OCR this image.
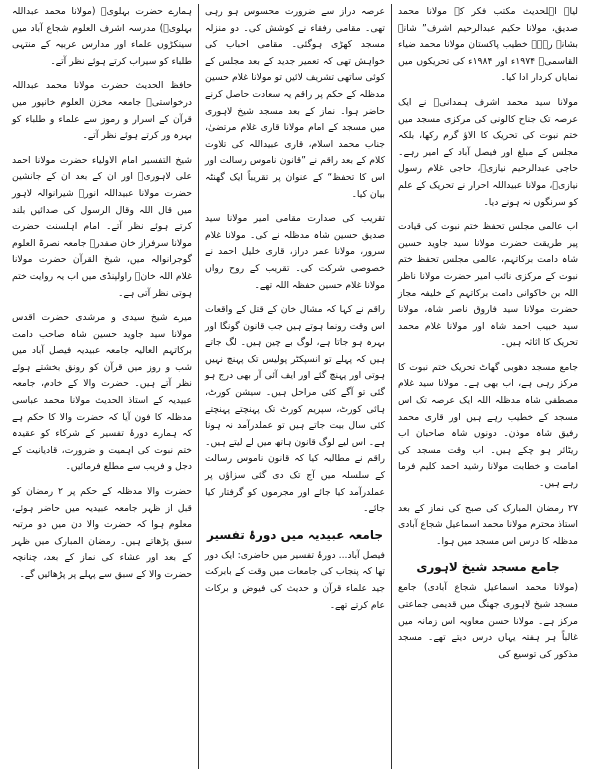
لیا۔ اہلحدیث مکتب فکر کے مولانا محمد صدیق، مولانا حکیم عبدالرحیم اشرف” شانہ بشانہ رہے۔ خطیب پاکستان مولانا محمد ضیاء القاسمیؒ ۱۹۷۴ء اور ۱۹۸۴ء کی تحریکوں میں نمایاں کردار ادا کیا۔

مولانا سید محمد اشرف ہمدانیؒ نے ایک عرصہ تک جناح کالونی کی مرکزی مسجد میں ختم نبوت کی تحریک کا الاؤ گرم رکھا، بلکہ مجلس کے مبلغ اور فیصل آباد کے امیر رہے۔ حاجی عبدالرحیم نیازیؒ، حاجی غلام رسول نیازیؒ، مولانا عبیداللہ احرار نے تحریک کے علم کو سرنگوں نہ ہونے دیا۔

اب عالمی مجلس تحفظ ختم نبوت کی قیادت پیر طریقت حضرت مولانا سید جاوید حسین شاہ دامت برکاتہم، عالمی مجلس تحفظ ختم نبوت کے مرکزی نائب امیر حضرت مولانا ناظر اللہ بن خاکوانی دامت برکاتہم کے خلیفہ مجاز حضرت مولانا سید فاروق ناصر شاہ، مولانا سید خبیب احمد شاہ اور مولانا غلام محمد تحریک کا اثاثہ ہیں۔

جامع مسجد دھوبی گھاٹ تحریک ختم نبوت کا مرکز رہی ہے، اب بھی ہے۔ مولانا سید غلام مصطفی شاہ مدظلہ اللہ ایک عرصہ تک اس مسجد کے خطیب رہے ہیں اور قاری محمد رفیق شاہ موذن۔ دونوں شاہ صاحبان اب ریٹائر ہو چکے ہیں۔ اب وقت مسجد کی امامت و خطابت مولانا رشید احمد کلیم فرما رہے ہیں۔

۲۷ رمضان المبارک کی صبح کی نماز کے بعد استاذ محترم مولانا محمد اسماعیل شجاع آبادی مدظلہ کا درس اس مسجد میں ہوا۔

جامع مسجد شیخ لاہوری

(مولانا محمد اسماعیل شجاع آبادی) جامع مسجد شیخ لاہوری جھنگ میں قدیمی جماعتی مرکز ہے۔ مولانا حسن معاویہ اس زمانہ میں غالباً ہر ہفتہ یہاں درس دیتے تھے۔ مسجد مذکور کی توسیع کی

عرصہ دراز سے ضرورت محسوس ہو رہی تھی۔ مقامی رفقاء نے کوشش کی۔ دو منزلہ مسجد کھڑی ہوگئی۔ مقامی احباب کی خواہش تھی کہ تعمیر جدید کے بعد مجلس کے کوئی ساتھی تشریف لائیں تو مولانا غلام حسین مدظلہ کے حکم پر راقم یہ سعادت حاصل کرنے حاضر ہوا۔ نماز کے بعد مسجد شیخ لاہوری میں مسجد کے امام مولانا قاری غلام مرتضیٰ، جناب محمد اسلام، قاری عبیداللہ کی تلاوت کلام کے بعد راقم نے ”قانون ناموس رسالت اور اس کا تحفظ“ کے عنوان پر تقریباً ایک گھنٹہ بیان کیا۔

تقریب کی صدارت مقامی امیر مولانا سید صدیق حسین شاہ مدظلہ نے کی۔ مولانا غلام سرور، مولانا عمر دراز، قاری خلیل احمد نے خصوصی شرکت کی۔ تقریب کے روح رواں مولانا غلام حسین حفظہ اللہ تھے۔

راقم نے کہا کہ مشال خان کے قتل کے واقعات اس وقت رونما ہوتے ہیں جب قانون گونگا اور بہرہ ہو جاتا ہے، لوگ بے چین ہیں۔ لگ جاتے ہیں کہ پہلے تو انسپکٹر پولیس تک پہنچ نہیں ہوتی اور پہنچ گئے اور ایف آئی آر بھی درج ہو گئی تو آگے کئی مراحل ہیں۔ سیشن کورٹ، ہائی کورٹ، سپریم کورٹ تک پہنچتے پہنچتے کئی سال بیت جاتے ہیں تو عملدرآمد نہ ہونا ہے۔ اس لیے لوگ قانون ہاتھ میں لے لیتے ہیں۔ راقم نے مطالبہ کیا کہ قانون ناموس رسالت کے سلسلہ میں آج تک دی گئی سزاؤں پر عملدرآمد کیا جائے اور مجرموں کو گرفتار کیا جائے۔

جامعہ عبیدیہ میں دورۂ تفسیر

فیصل آباد... دورۂ تفسیر میں حاضری: ایک دور تھا کہ پنجاب کی جامعات میں وقت کے بابرکت جید علماء قرآن و حدیث کی فیوض و برکات عام کرتے تھے۔

ہمارے حضرت بہلویؒ (مولانا محمد عبداللہ بہلویؒ) مدرسہ اشرف العلوم شجاع آباد میں سینکڑوں علماء اور مدارس عربیہ کے منتہی طلباء کو سیراب کرتے ہوئے نظر آتے۔

حافظ الحدیث حضرت مولانا محمد عبداللہ درخواستیؒ جامعہ مخزن العلوم خانپور میں قرآن کے اسرار و رموز سے علماء و طلباء کو بہرہ ور کرتے ہوئے نظر آتے۔

شیخ التفسیر امام الاولیاء حضرت مولانا احمد علی لاہوریؒ اور ان کے بعد ان کے جانشین حضرت مولانا عبیداللہ انورؒ شیرانوالہ لاہور میں قال اللہ وقال الرسول کی صدائیں بلند کرتے ہوئے نظر آتے۔ امام اہلسنت حضرت مولانا سرفراز خان صفدرؒ جامعہ نصرۃ العلوم گوجرانوالہ میں، شیخ القرآن حضرت مولانا غلام اللہ خانؒ راولپنڈی میں اب یہ روایت ختم ہوتی نظر آتی ہے۔

میرے شیخ سیدی و مرشدی حضرت اقدس مولانا سید جاوید حسین شاہ صاحب دامت برکاتہم العالیہ جامعہ عبیدیہ فیصل آباد میں شب و روز میں قرآن کو رونق بخشتے ہوئے نظر آتے ہیں۔ حضرت والا کے خادم، جامعہ عبیدیہ کے استاذ الحدیث مولانا محمد عباسی مدظلہ کا فون آیا کہ حضرت والا کا حکم ہے کہ ہمارے دورۂ تفسیر کے شرکاء کو عقیدہ ختم نبوت کی اہمیت و ضرورت، قادیانیت کے دجل و فریب سے مطلع فرمائیں۔

حضرت والا مدظلہ کے حکم پر ۲ رمضان کو قبل از ظہر جامعہ عبیدیہ میں حاضر ہوئے، معلوم ہوا کہ حضرت والا دن میں دو مرتبہ سبق پڑھاتے ہیں۔ رمضان المبارک میں ظہر کے بعد اور عشاء کی نماز کے بعد، چنانچہ حضرت والا کے سبق سے پہلے پر پڑھائیں گے۔
